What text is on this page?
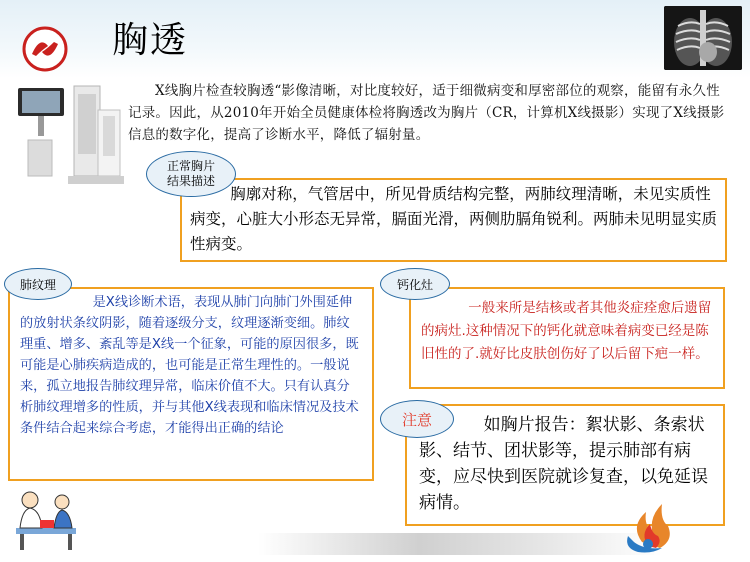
胸透
X线胸片检查较胸透“影像清晰，对比度较好，适于细微病变和厚密部位的观察，能留有永久性记录。因此，从2010年开始全员健康体检将胸透改为胸片（CR，计算机X线摄影）实现了X线摄影信息的数字化，提高了诊断水平，降低了辐射量。
胸廓对称，气管居中，所见骨质结构完整，两肺纹理清晰，未见实质性病变，心脏大小形态无异常，膈面光滑，两侧肋膈角锐利。两肺未见明显实质性病变。
正常胸片
结果描述
是X线诊断术语，表现从肺门向肺门外围延伸的放射状条纹阴影，随着逐级分支，纹理逐渐变细。肺纹理重、增多、紊乱等是X线一个征象，可能的原因很多，既可能是心肺疾病造成的，也可能是正常生理性的。一般说来，孤立地报告肺纹理异常，临床价值不大。只有认真分析肺纹理增多的性质，并与其他X线表现和临床情况及技术条件结合起来综合考虑，才能得出正确的结论
肺纹理
一般来所是结核或者其他炎症痊愈后遗留的病灶.这种情况下的钙化就意味着病变已经是陈旧性的了.就好比皮肤创伤好了以后留下疤一样。
钙化灶
如胸片报告：絮状影、条索状影、结节、团状影等，提示肺部有病变，应尽快到医院就诊复查，以免延误病情。
注意
